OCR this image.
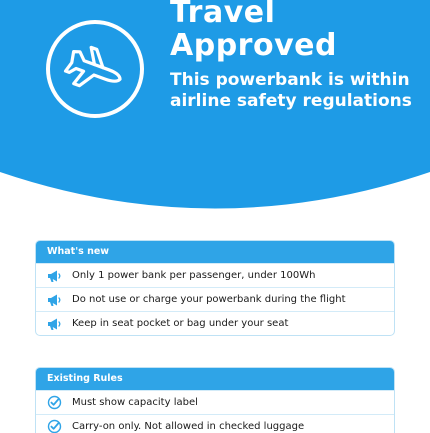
Travel Approved
This powerbank is within airline safety regulations
What's new
Only 1 power bank per passenger, under 100Wh
Do not use or charge your powerbank during the flight
Keep in seat pocket or bag under your seat
Existing Rules
Must show capacity label
Carry-on only. Not allowed in checked luggage
